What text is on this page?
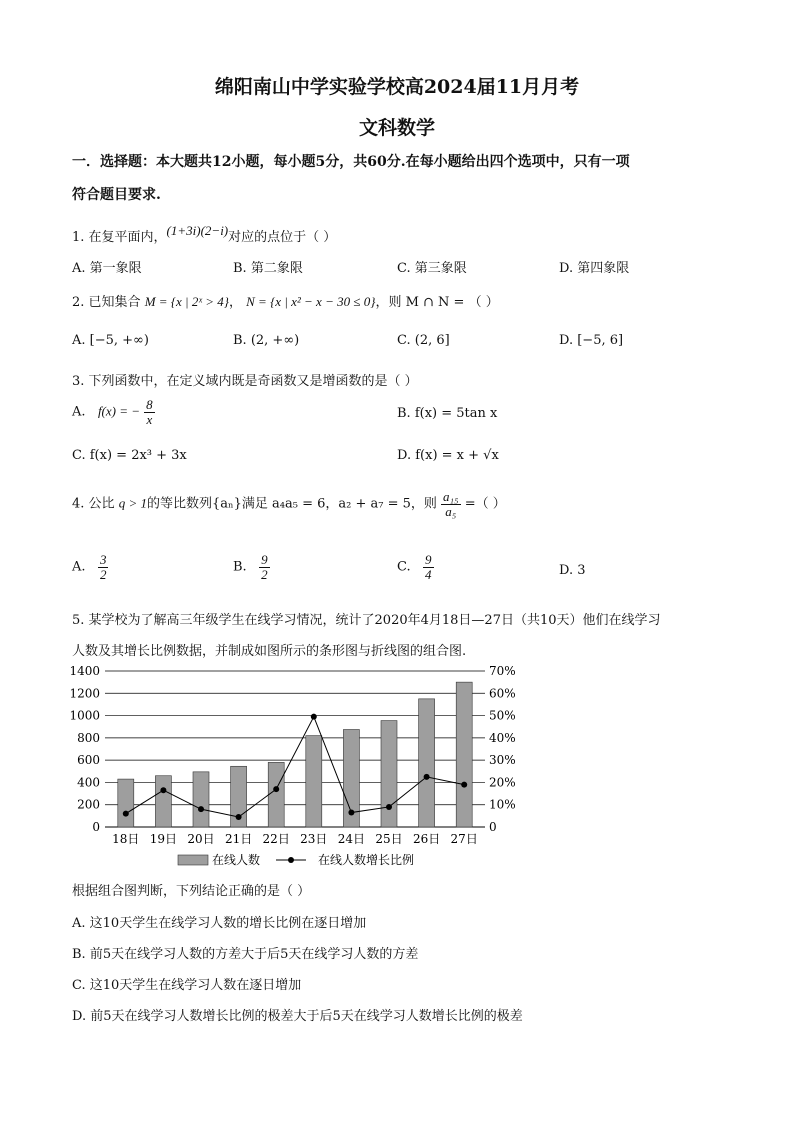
绵阳南山中学实验学校高2024届11月月考
文科数学
一．选择题：本大题共12小题，每小题5分，共60分.在每小题给出四个选项中，只有一项
符合题目要求.
1. 在复平面内，(1+3i)(2−i)对应的点位于（ ）
A. 第一象限	B. 第二象限	C. 第三象限	D. 第四象限
2. 已知集合 M = {x | 2ˣ > 4}， N = {x | x² − x − 30 ≤ 0}，则 M ∩ N = （ ）
A. [−5, +∞)	B. (2, +∞)	C. (2, 6]	D. [−5, 6]
3. 下列函数中，在定义域内既是奇函数又是增函数的是（ ）
A. f(x) = − $\frac{8}{x}$	B. f(x) = 5tan x
C. f(x) = 2x³ + 3x	D. f(x) = x + √x
4. 公比 q > 1的等比数列{aₙ}满足 a₄a₅ = 6，a₂ + a₇ = 5，则 $\frac{\text{a₁₅}}{\text{a₅}}$ =（ ）
A. $\frac{3}{2}$	B. $\frac{9}{2}$	C. $\frac{9}{4}$	D. 3
5. 某学校为了解高三年级学生在线学习情况，统计了2020年4月18日—27日（共10天）他们在线学习
人数及其增长比例数据，并制成如图所示的条形图与折线图的组合图.
0
200
400
600
800
1000
1200
1400
0
10%
20%
30%
40%
50%
60%
70%
18日 19日 20日 21日 22日 23日 24日 25日 26日 27日
在线人数	在线人数增长比例
根据组合图判断，下列结论正确的是（ ）
A. 这10天学生在线学习人数的增长比例在逐日增加
B. 前5天在线学习人数的方差大于后5天在线学习人数的方差
C. 这10天学生在线学习人数在逐日增加
D. 前5天在线学习人数增长比例的极差大于后5天在线学习人数增长比例的极差
